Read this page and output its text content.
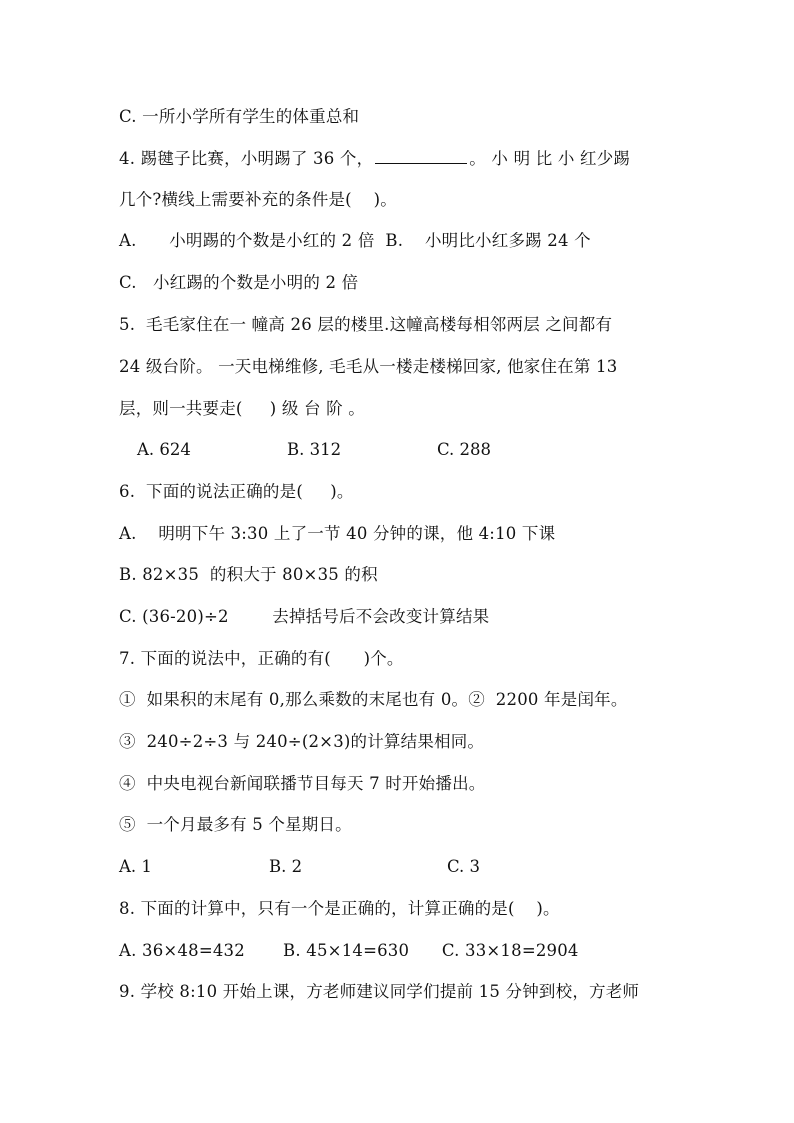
C. 一所小学所有学生的体重总和
4. 踢毽子比赛，小明踢了 36 个，	。 小 明 比 小 红少踢
几个?横线上需要补充的条件是(    )。
A.      小明踢的个数是小红的 2 倍  B.    小明比小红多踢 24 个
C.   小红踢的个数是小明的 2 倍
5.  毛毛家住在一 幢高 26 层的楼里.这幢高楼每相邻两层 之间都有
24 级台阶。 一天电梯维修, 毛毛从一楼走楼梯回家, 他家住在第 13
层，则一共要走(     ) 级 台 阶 。
A. 624	B. 312	C. 288
6.  下面的说法正确的是(     )。
A.    明明下午 3:30 上了一节 40 分钟的课，他 4:10 下课
B. 82×35  的积大于 80×35 的积
C. (36-20)÷2        去掉括号后不会改变计算结果
7. 下面的说法中，正确的有(      )个。
①  如果积的末尾有 0,那么乘数的末尾也有 0。②  2200 年是闰年。
③  240÷2÷3 与 240÷(2×3)的计算结果相同。
④  中央电视台新闻联播节目每天 7 时开始播出。
⑤  一个月最多有 5 个星期日。
A. 1	B. 2	C. 3
8. 下面的计算中，只有一个是正确的，计算正确的是(    )。
A. 36×48=432       B. 45×14=630      C. 33×18=2904
9. 学校 8:10 开始上课，方老师建议同学们提前 15 分钟到校，方老师
